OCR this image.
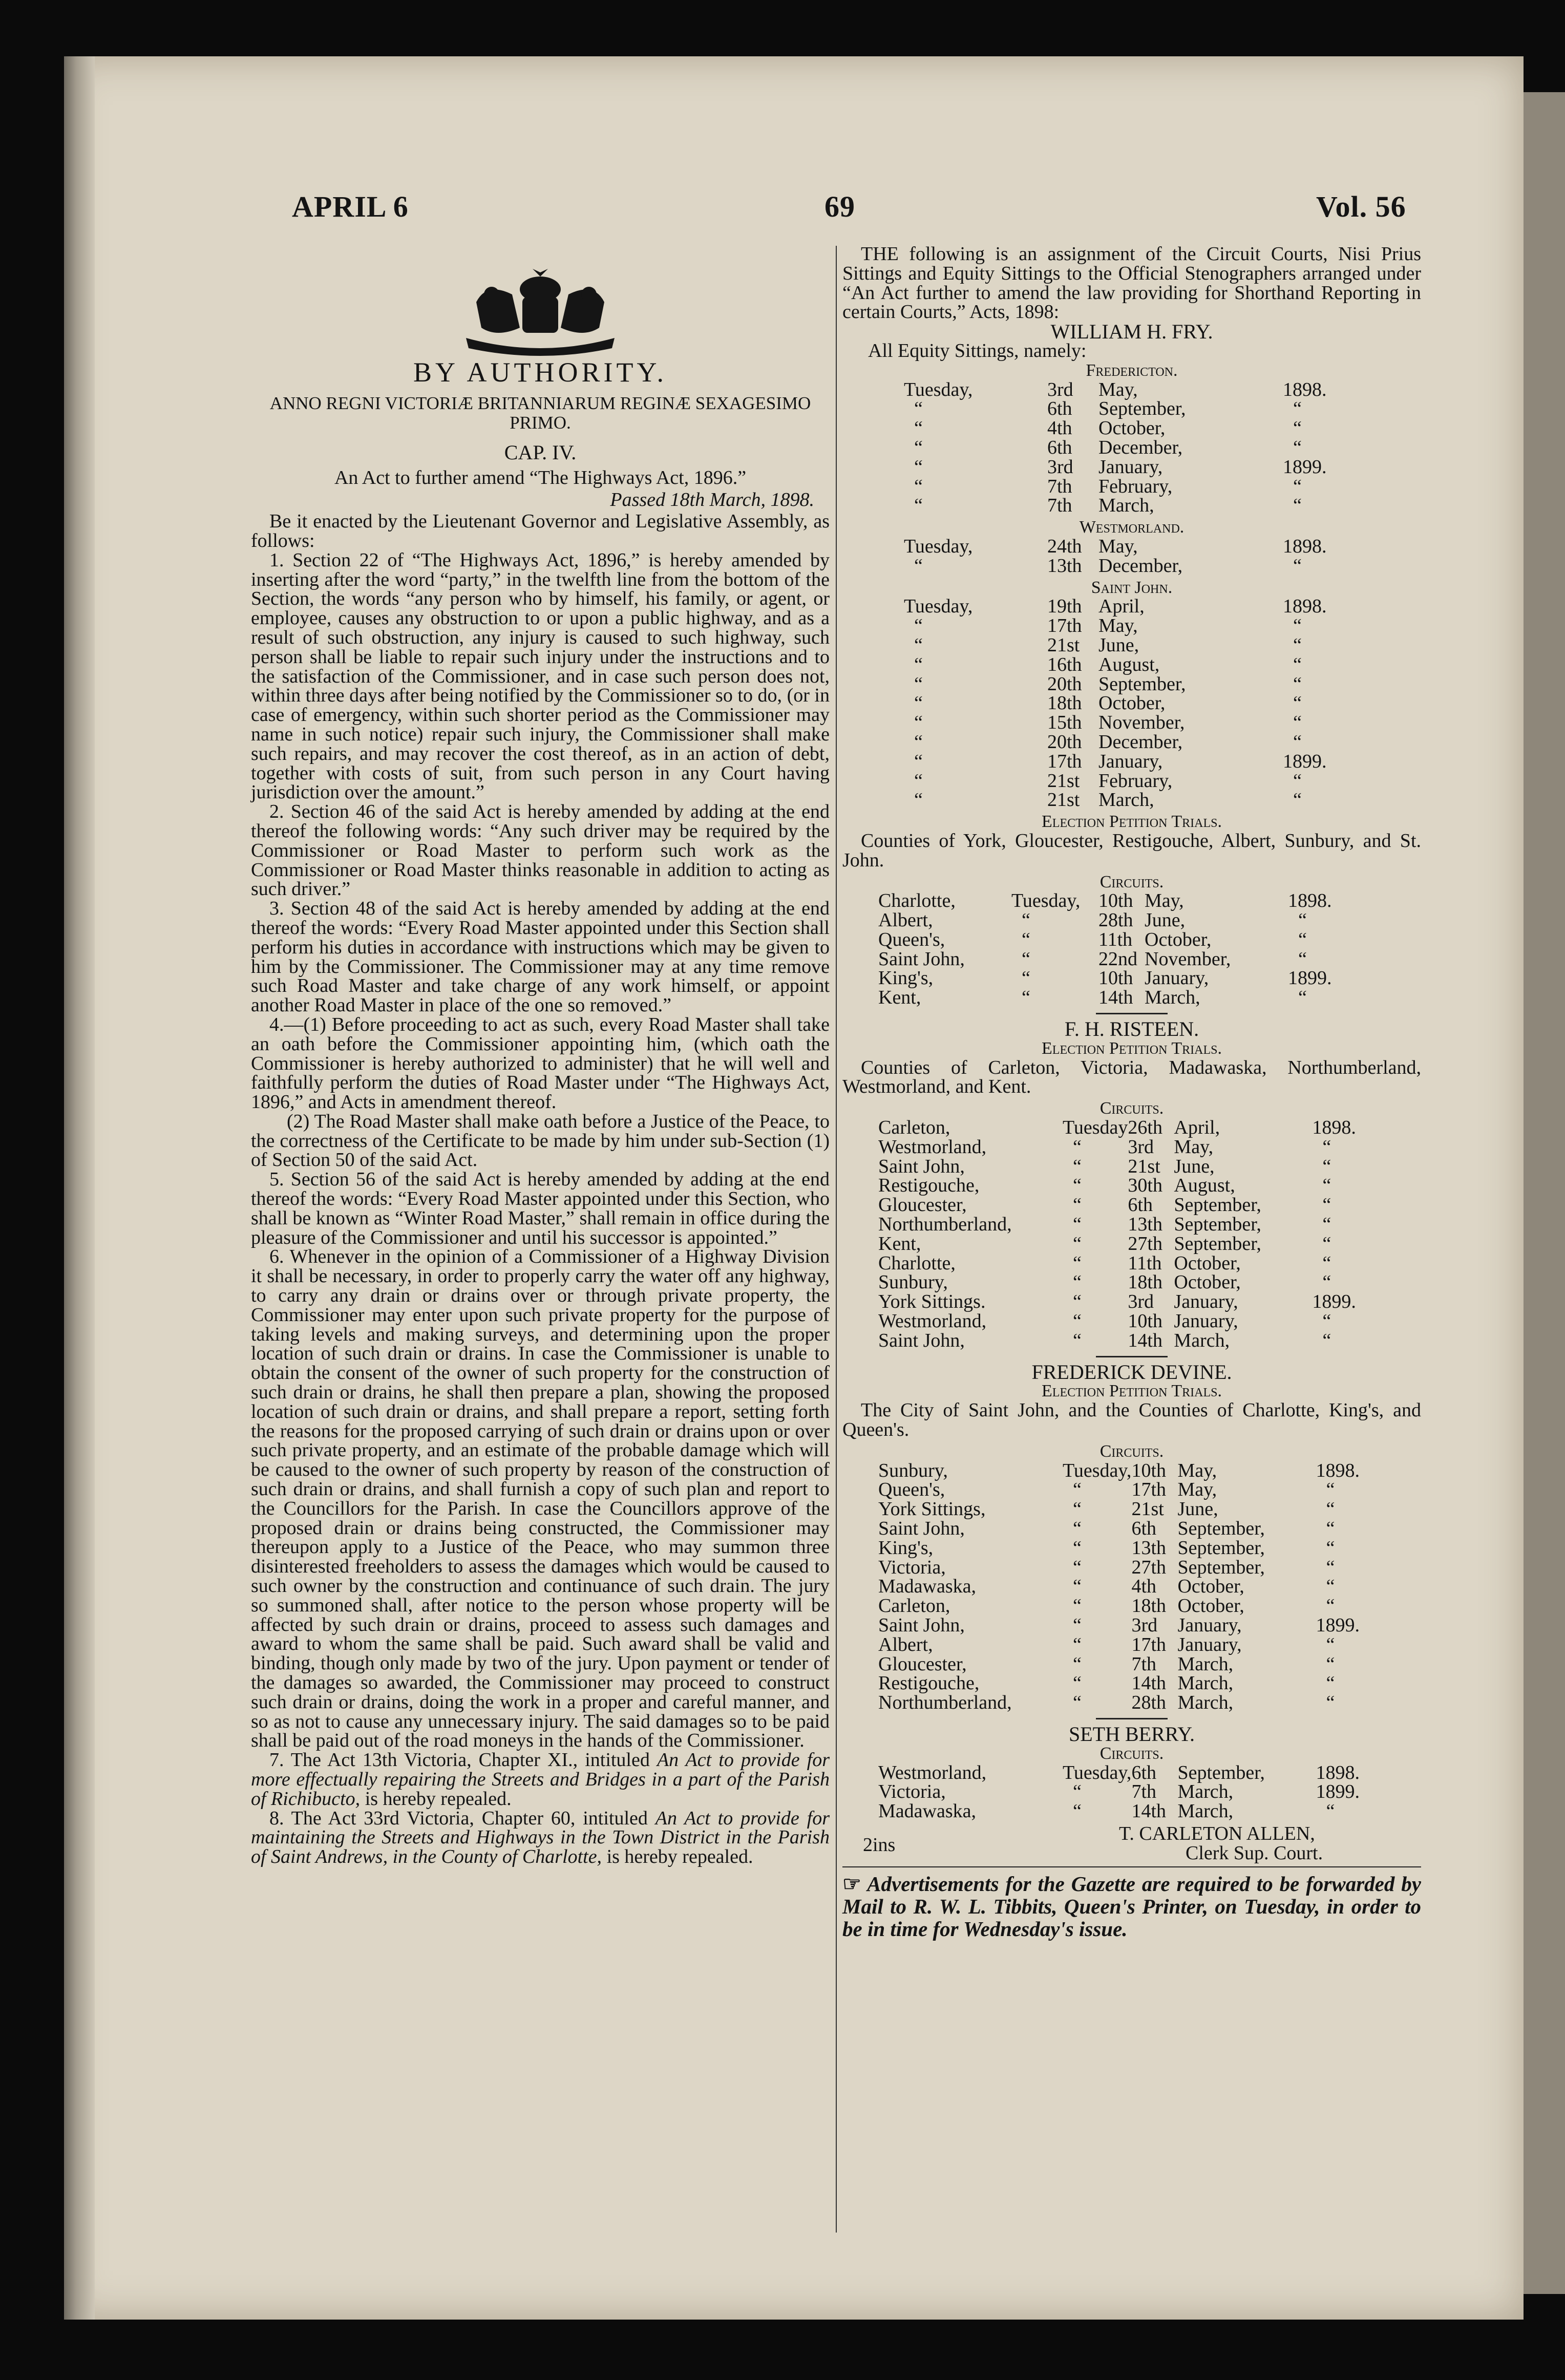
APRIL 6	69	Vol. 56
BY AUTHORITY.

ANNO REGNI VICTORIÆ BRITANNIARUM REGINÆ SEXAGESIMO PRIMO.

CAP. IV.

An Act to further amend “The Highways Act, 1896.”

Passed 18th March, 1898.

Be it enacted by the Lieutenant Governor and Legislative Assembly, as follows:

1. Section 22 of “The Highways Act, 1896,” is hereby amended by inserting after the word “party,” in the twelfth line from the bottom of the Section, the words “any person who by himself, his family, or agent, or employee, causes any obstruction to or upon a public highway, and as a result of such obstruction, any injury is caused to such highway, such person shall be liable to repair such injury under the instructions and to the satisfaction of the Commissioner, and in case such person does not, within three days after being notified by the Commissioner so to do, (or in case of emergency, within such shorter period as the Commissioner may name in such notice) repair such injury, the Commissioner shall make such repairs, and may recover the cost thereof, as in an action of debt, together with costs of suit, from such person in any Court having jurisdiction over the amount.”

2. Section 46 of the said Act is hereby amended by adding at the end thereof the following words: “Any such driver may be required by the Commissioner or Road Master to perform such work as the Commissioner or Road Master thinks reasonable in addition to acting as such driver.”

3. Section 48 of the said Act is hereby amended by adding at the end thereof the words: “Every Road Master appointed under this Section shall perform his duties in accordance with instructions which may be given to him by the Commissioner. The Commissioner may at any time remove such Road Master and take charge of any work himself, or appoint another Road Master in place of the one so removed.”

4.—(1) Before proceeding to act as such, every Road Master shall take an oath before the Commissioner appointing him, (which oath the Commissioner is hereby authorized to administer) that he will well and faithfully perform the duties of Road Master under “The Highways Act, 1896,” and Acts in amendment thereof.

(2) The Road Master shall make oath before a Justice of the Peace, to the correctness of the Certificate to be made by him under sub-Section (1) of Section 50 of the said Act.

5. Section 56 of the said Act is hereby amended by adding at the end thereof the words: “Every Road Master appointed under this Section, who shall be known as “Winter Road Master,” shall remain in office during the pleasure of the Commissioner and until his successor is appointed.”

6. Whenever in the opinion of a Commissioner of a Highway Division it shall be necessary, in order to properly carry the water off any highway, to carry any drain or drains over or through private property, the Commissioner may enter upon such private property for the purpose of taking levels and making surveys, and determining upon the proper location of such drain or drains. In case the Commissioner is unable to obtain the consent of the owner of such property for the construction of such drain or drains, he shall then prepare a plan, showing the proposed location of such drain or drains, and shall prepare a report, setting forth the reasons for the proposed carrying of such drain or drains upon or over such private property, and an estimate of the probable damage which will be caused to the owner of such property by reason of the construction of such drain or drains, and shall furnish a copy of such plan and report to the Councillors for the Parish. In case the Councillors approve of the proposed drain or drains being constructed, the Commissioner may thereupon apply to a Justice of the Peace, who may summon three disinterested freeholders to assess the damages which would be caused to such owner by the construction and continuance of such drain. The jury so summoned shall, after notice to the person whose property will be affected by such drain or drains, proceed to assess such damages and award to whom the same shall be paid. Such award shall be valid and binding, though only made by two of the jury. Upon payment or tender of the damages so awarded, the Commissioner may proceed to construct such drain or drains, doing the work in a proper and careful manner, and so as not to cause any unnecessary injury. The said damages so to be paid shall be paid out of the road moneys in the hands of the Commissioner.

7. The Act 13th Victoria, Chapter XI., intituled An Act to provide for more effectually repairing the Streets and Bridges in a part of the Parish of Richibucto, is hereby repealed.

8. The Act 33rd Victoria, Chapter 60, intituled An Act to provide for maintaining the Streets and Highways in the Town District in the Parish of Saint Andrews, in the County of Charlotte, is hereby repealed.

THE following is an assignment of the Circuit Courts, Nisi Prius Sittings and Equity Sittings to the Official Stenographers arranged under “An Act further to amend the law providing for Shorthand Reporting in certain Courts,” Acts, 1898:

WILLIAM H. FRY.

All Equity Sittings, namely:

Fredericton.
Tuesday,	3rd	May,	1898.
“	6th	September,	“
“	4th	October,	“
“	6th	December,	“
“	3rd	January,	1899.
“	7th	February,	“
“	7th	March,	“
Westmorland.
Tuesday,	24th	May,	1898.
“	13th	December,	“
Saint John.
Tuesday,	19th	April,	1898.
“	17th	May,	“
“	21st	June,	“
“	16th	August,	“
“	20th	September,	“
“	18th	October,	“
“	15th	November,	“
“	20th	December,	“
“	17th	January,	1899.
“	21st	February,	“
“	21st	March,	“
Election Petition Trials.

Counties of York, Gloucester, Restigouche, Albert, Sunbury, and St. John.

Circuits.
Charlotte,	Tuesday,	10th	May,	1898.
Albert,	“	28th	June,	“
Queen's,	“	11th	October,	“
Saint John,	“	22nd	November,	“
King's,	“	10th	January,	1899.
Kent,	“	14th	March,	“
F. H. RISTEEN.
Election Petition Trials.

Counties of Carleton, Victoria, Madawaska, Northumberland, Westmorland, and Kent.

Circuits.
Carleton,	Tuesday	26th	April,	1898.
Westmorland,	“	3rd	May,	“
Saint John,	“	21st	June,	“
Restigouche,	“	30th	August,	“
Gloucester,	“	6th	September,	“
Northumberland,	“	13th	September,	“
Kent,	“	27th	September,	“
Charlotte,	“	11th	October,	“
Sunbury,	“	18th	October,	“
York Sittings.	“	3rd	January,	1899.
Westmorland,	“	10th	January,	“
Saint John,	“	14th	March,	“
FREDERICK DEVINE.
Election Petition Trials.

The City of Saint John, and the Counties of Charlotte, King's, and Queen's.

Circuits.
Sunbury,	Tuesday,	10th	May,	1898.
Queen's,	“	17th	May,	“
York Sittings,	“	21st	June,	“
Saint John,	“	6th	September,	“
King's,	“	13th	September,	“
Victoria,	“	27th	September,	“
Madawaska,	“	4th	October,	“
Carleton,	“	18th	October,	“
Saint John,	“	3rd	January,	1899.
Albert,	“	17th	January,	“
Gloucester,	“	7th	March,	“
Restigouche,	“	14th	March,	“
Northumberland,	“	28th	March,	“
SETH BERRY.
Circuits.
Westmorland,	Tuesday,	6th	September,	1898.
Victoria,	“	7th	March,	1899.
Madawaska,	“	14th	March,	“
2ins
T. CARLETON ALLEN,
Clerk Sup. Court.

☞ Advertisements for the Gazette are required to be forwarded by Mail to R. W. L. Tibbits, Queen's Printer, on Tuesday, in order to be in time for Wednesday's issue.
